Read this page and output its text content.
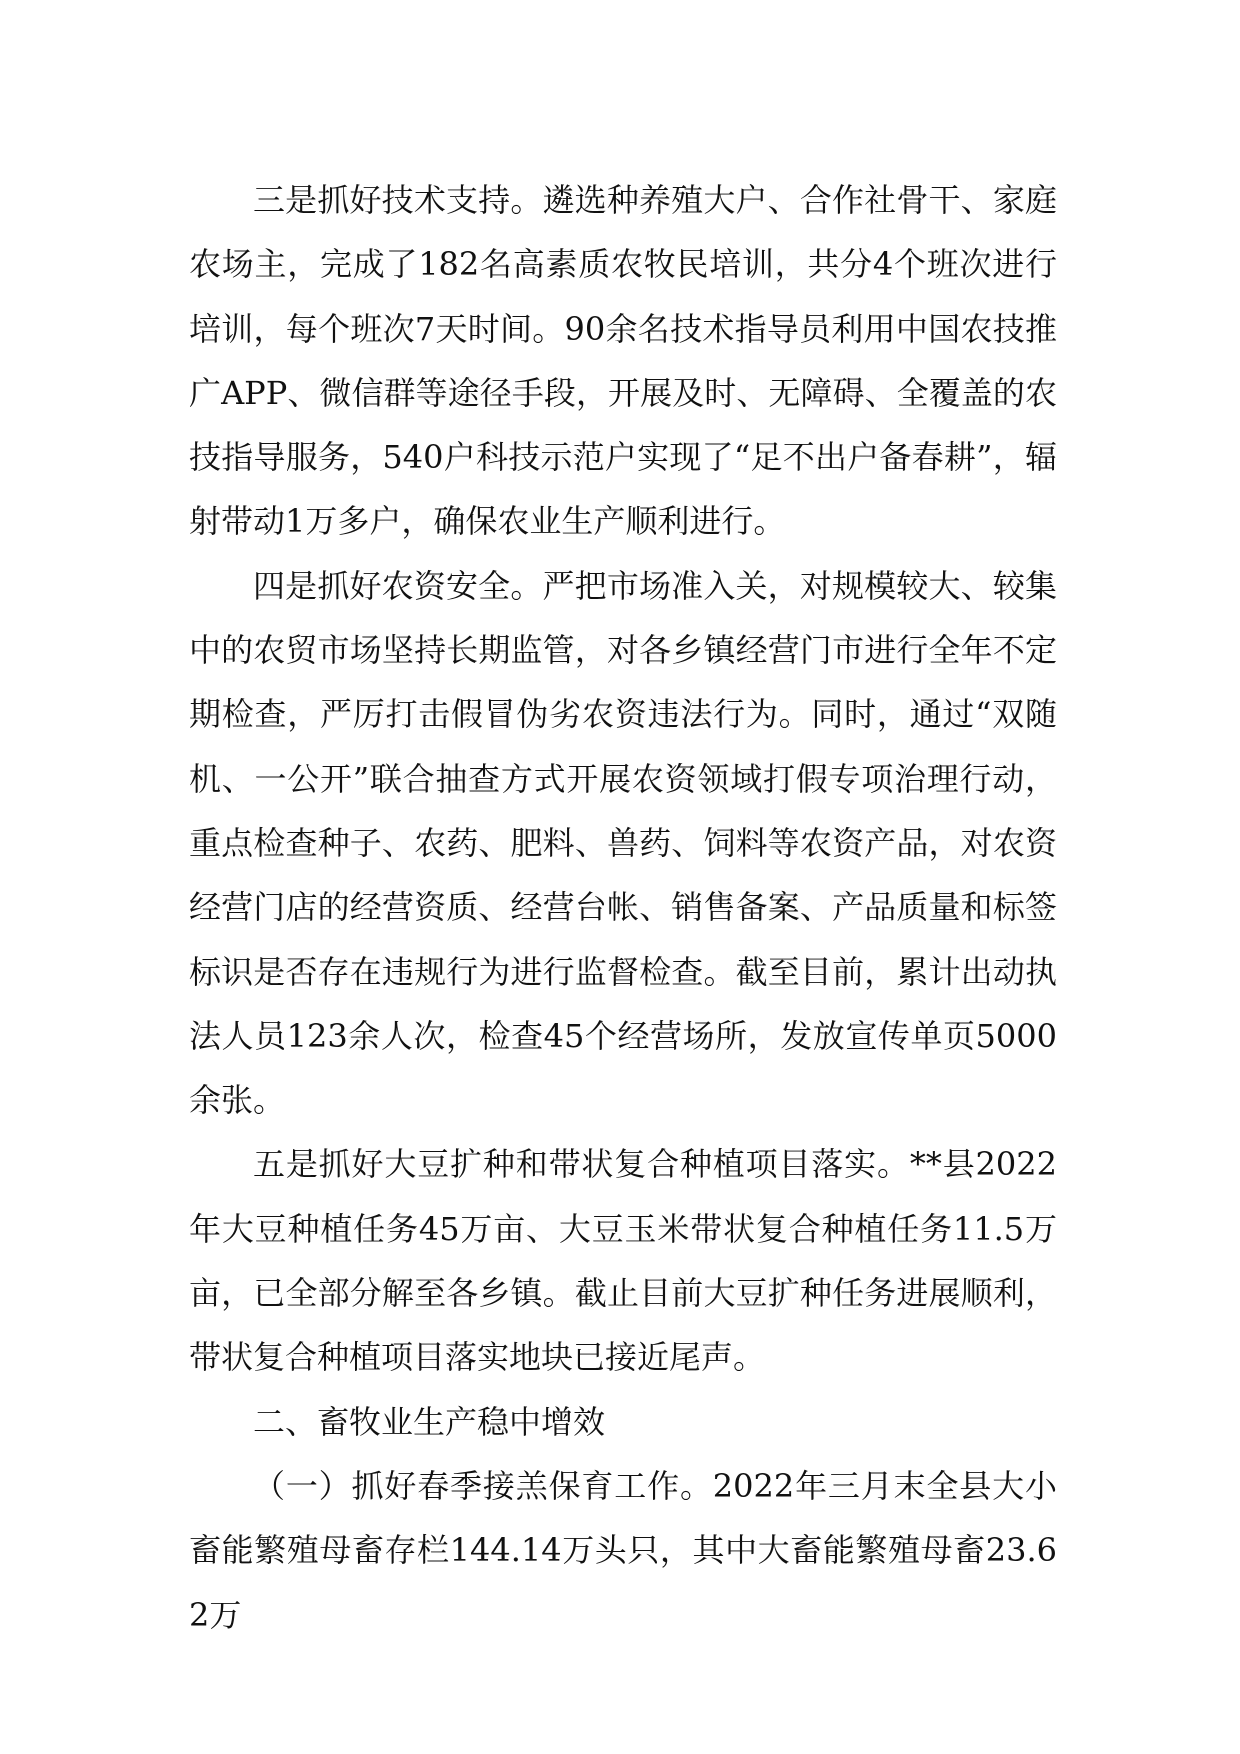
三是抓好技术支持。遴选种养殖大户、合作社骨干、家庭农场主，完成了182名高素质农牧民培训，共分4个班次进行培训，每个班次7天时间。90余名技术指导员利用中国农技推广APP、微信群等途径手段，开展及时、无障碍、全覆盖的农技指导服务，540户科技示范户实现了“足不出户备春耕”，辐射带动1万多户，确保农业生产顺利进行。

四是抓好农资安全。严把市场准入关，对规模较大、较集中的农贸市场坚持长期监管，对各乡镇经营门市进行全年不定期检查，严厉打击假冒伪劣农资违法行为。同时，通过“双随机、一公开”联合抽查方式开展农资领域打假专项治理行动，重点检查种子、农药、肥料、兽药、饲料等农资产品，对农资经营门店的经营资质、经营台帐、销售备案、产品质量和标签标识是否存在违规行为进行监督检查。截至目前，累计出动执法人员123余人次，检查45个经营场所，发放宣传单页5000余张。

五是抓好大豆扩种和带状复合种植项目落实。**县2022年大豆种植任务45万亩、大豆玉米带状复合种植任务11.5万亩，已全部分解至各乡镇。截止目前大豆扩种任务进展顺利，带状复合种植项目落实地块已接近尾声。

二、畜牧业生产稳中增效

（一）抓好春季接羔保育工作。2022年三月末全县大小畜能繁殖母畜存栏144.14万头只，其中大畜能繁殖母畜23.62万
